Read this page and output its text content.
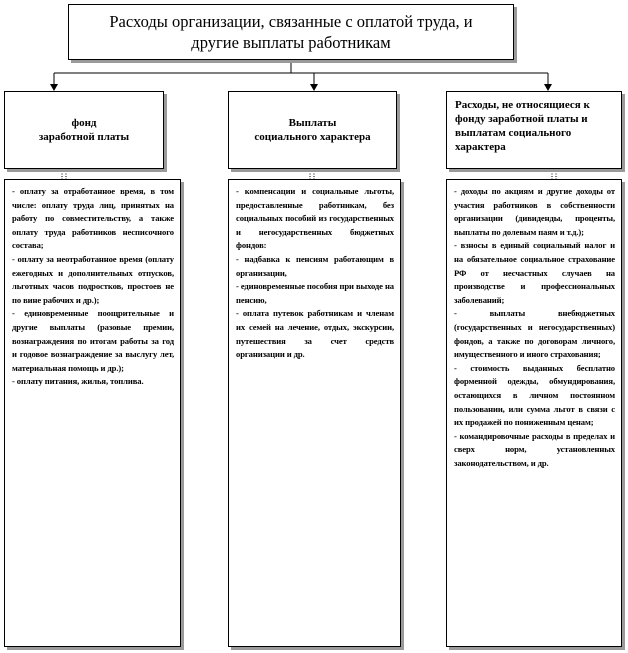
Расходы организации, связанные с оплатой труда, и
другие выплаты работникам
фонд
заработной платы
Выплаты
социального характера
Расходы, не относящиеся к
фонду заработной платы и
выплатам социального
характера

- оплату за отработанное время, в том числе: оплату труда лиц, принятых на работу по совместительству, а также оплату труда работников несписочного состава;

- оплату за неотработанное время (оплату ежегодных и дополнительных отпусков, льготных часов подростков, простоев не по вине рабочих и др.);

- единовременные поощрительные и другие выплаты (разовые премии, вознаграждения по итогам работы за год и годовое вознаграждение за выслугу лет, материальная помощь и др.);

- оплату питания, жилья, топлива.

- компенсации и социальные льготы, предоставленные работникам, без социальных пособий из государственных и негосударственных бюджетных фондов:

- надбавка к пенсиям работающим в организации,

- единовременные пособия при выходе на пенсию,

- оплата путевок работникам и членам их семей на лечение, отдых, экскурсии, путешествия за счет средств организации и др.

- доходы по акциям и другие доходы от участия работников в собственности организации (дивиденды, проценты, выплаты по долевым паям и т.д.);

- взносы в единый социальный налог и на обязательное социальное страхование РФ от несчастных случаев на производстве и профессиональных заболеваний;

- выплаты внебюджетных (государственных и негосударственных) фондов, а также по договорам личного, имущественного и иного страхования;

- стоимость выданных бесплатно форменной одежды, обмундирования, остающихся в личном постоянном пользовании, или сумма льгот в связи с их продажей по пониженным ценам;

- командировочные расходы в пределах и сверх норм, установленных законодательством, и др.
